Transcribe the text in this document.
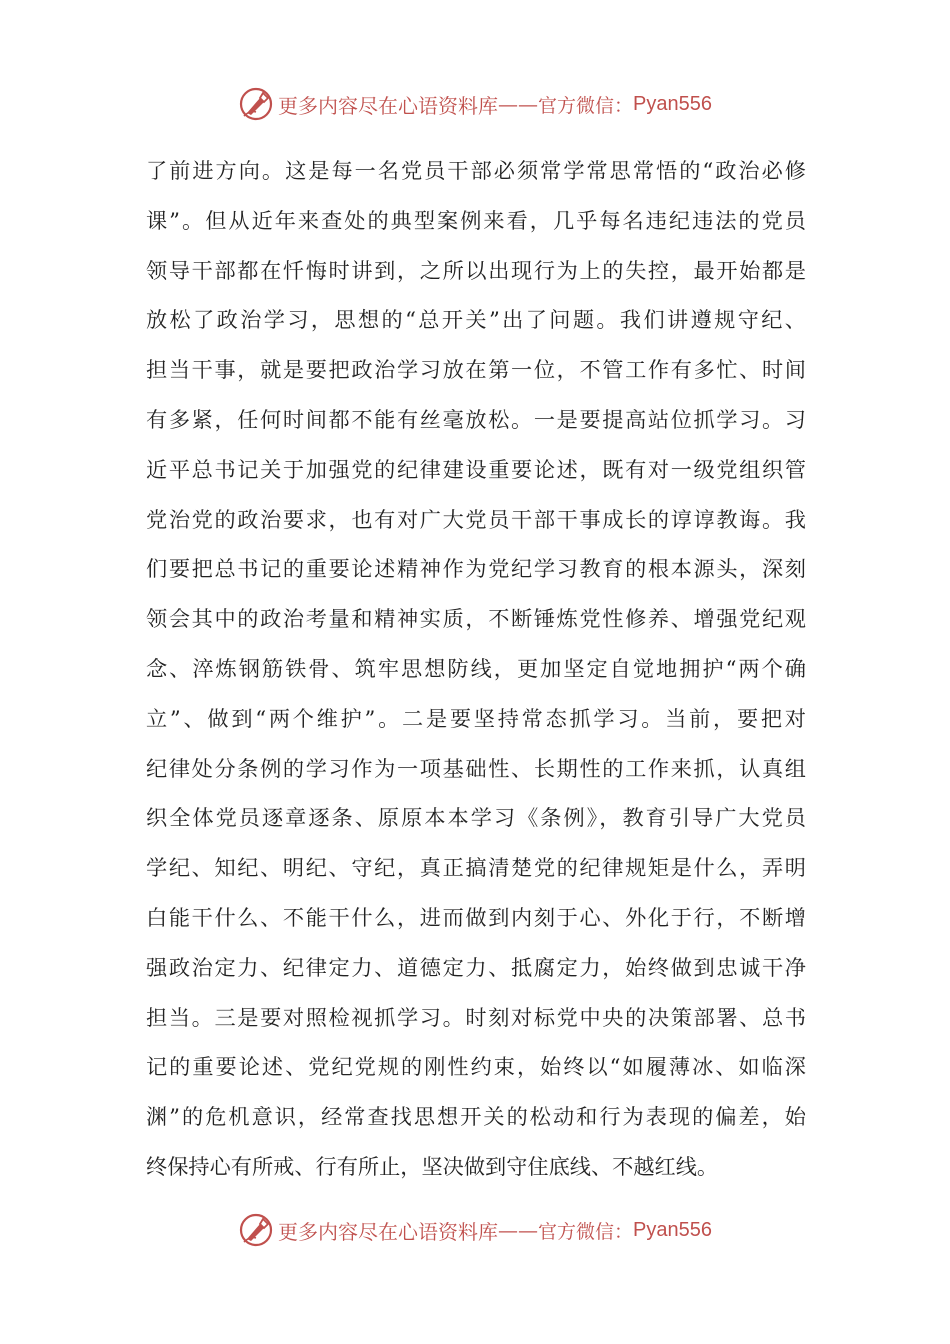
更多内容尽在心语资料库 —— 官方微信： Pyan556
了前进方向。这是每一名党员干部必须常学常思常悟的“政治必修
课”。但从近年来查处的典型案例来看，几乎每名违纪违法的党员
领导干部都在忏悔时讲到，之所以出现行为上的失控，最开始都是
放松了政治学习，思想的“总开关”出了问题。我们讲遵规守纪、
担当干事，就是要把政治学习放在第一位，不管工作有多忙、时间
有多紧，任何时间都不能有丝毫放松。一是要提高站位抓学习。习
近平总书记关于加强党的纪律建设重要论述，既有对一级党组织管
党治党的政治要求，也有对广大党员干部干事成长的谆谆教诲。我
们要把总书记的重要论述精神作为党纪学习教育的根本源头，深刻
领会其中的政治考量和精神实质，不断锤炼党性修养、增强党纪观
念、淬炼钢筋铁骨、筑牢思想防线，更加坚定自觉地拥护“两个确
立”、做到“两个维护”。二是要坚持常态抓学习。当前，要把对
纪律处分条例的学习作为一项基础性、长期性的工作来抓，认真组
织全体党员逐章逐条、原原本本学习《条例》，教育引导广大党员
学纪、知纪、明纪、守纪，真正搞清楚党的纪律规矩是什么，弄明
白能干什么、不能干什么，进而做到内刻于心、外化于行，不断增
强政治定力、纪律定力、道德定力、抵腐定力，始终做到忠诚干净
担当。三是要对照检视抓学习。时刻对标党中央的决策部署、总书
记的重要论述、党纪党规的刚性约束，始终以“如履薄冰、如临深
渊”的危机意识，经常查找思想开关的松动和行为表现的偏差，始
终保持心有所戒、行有所止，坚决做到守住底线、不越红线。
更多内容尽在心语资料库 —— 官方微信： Pyan556
